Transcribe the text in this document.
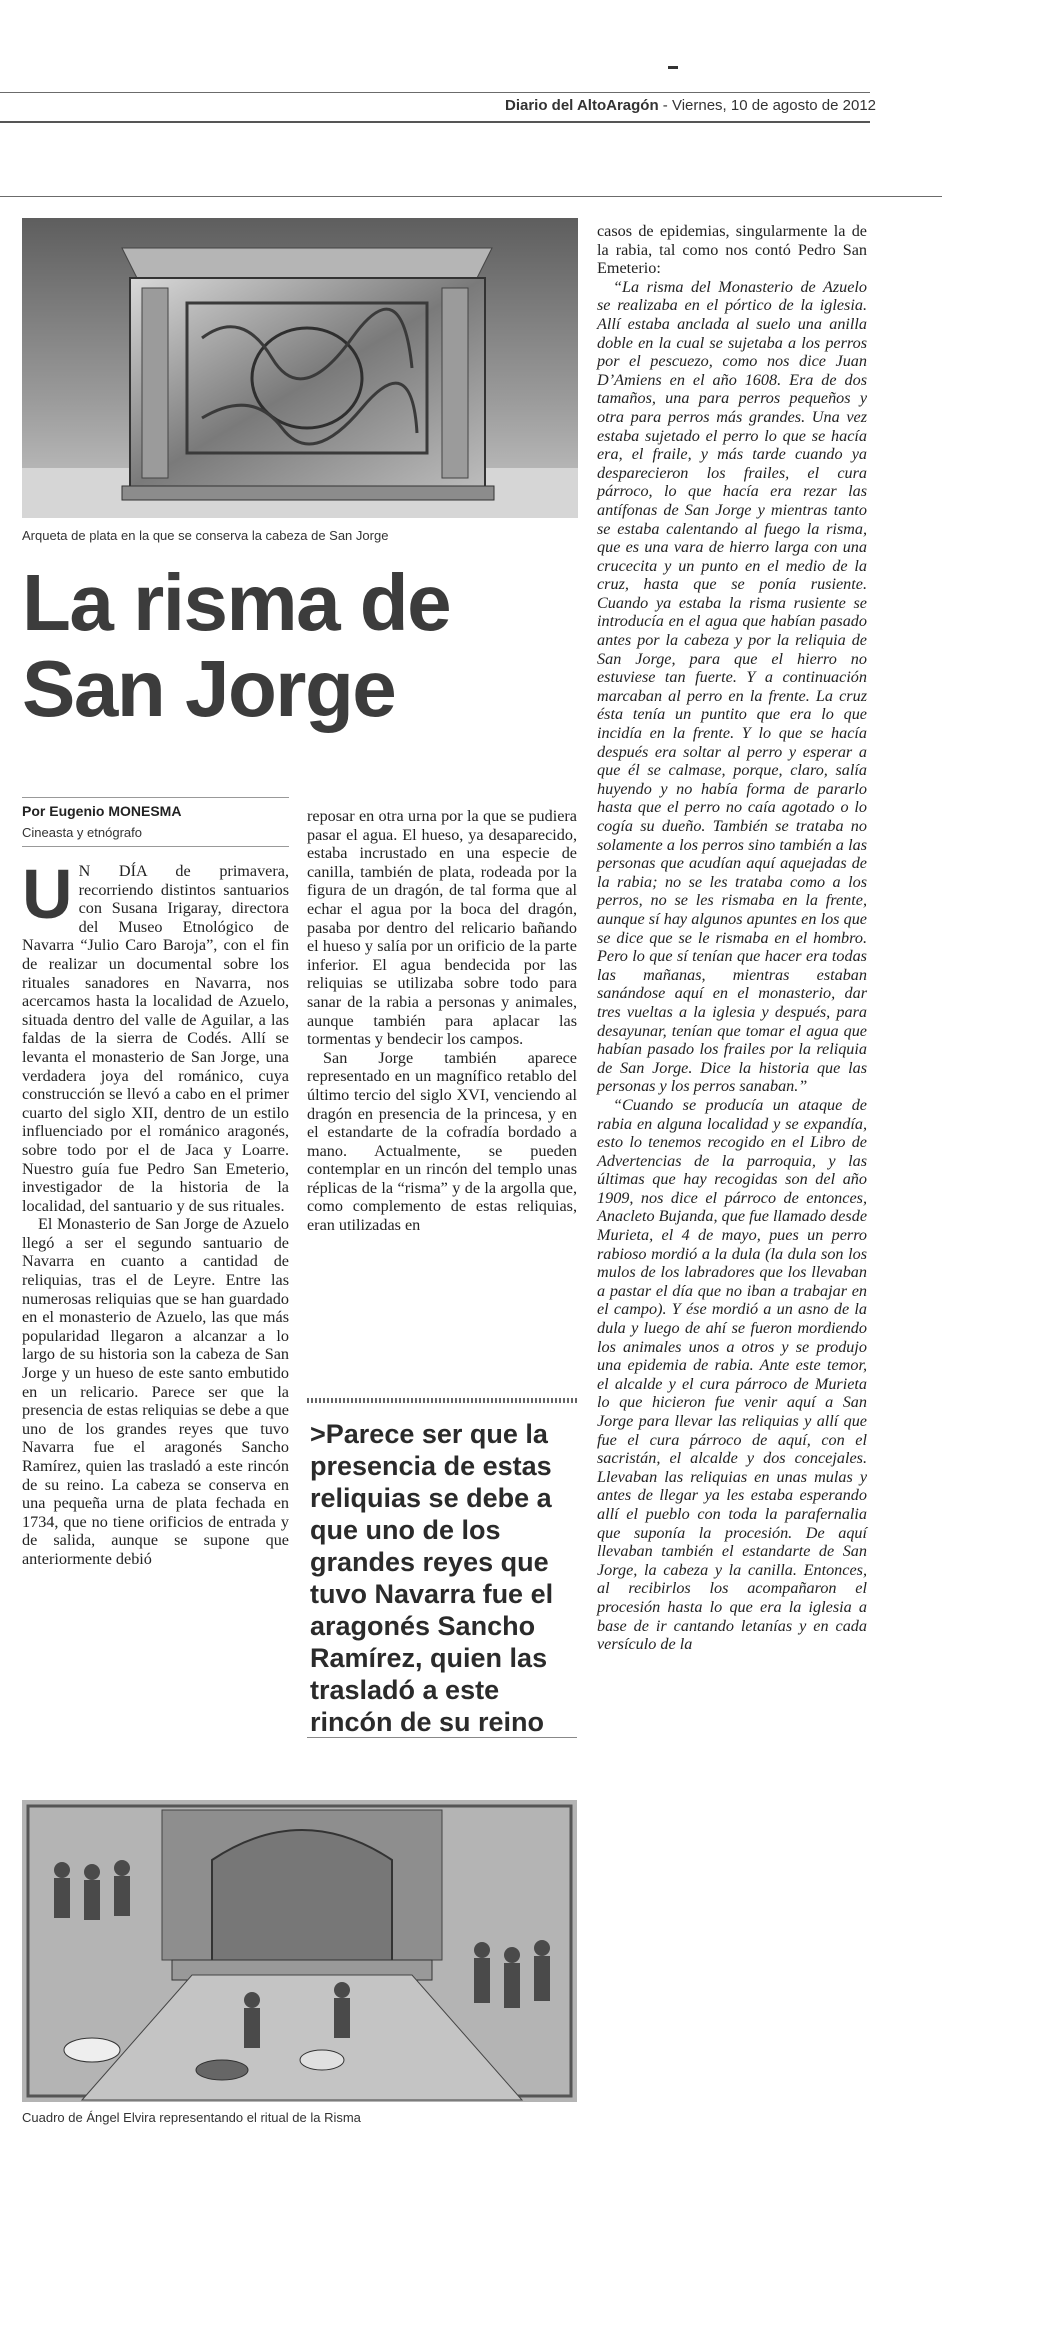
Diario del AltoAragón - Viernes, 10 de agosto de 2012
Arqueta de plata en la que se conserva la cabeza de San Jorge
La risma de
San Jorge
Por Eugenio MONESMA
Cineasta y etnógrafo

U N DÍA de primavera, recorriendo distintos santuarios con Susana Irigaray, directora del Museo Etnológico de Navarra “Julio Caro Baroja”, con el fin de realizar un documental sobre los rituales sanadores en Navarra, nos acercamos hasta la localidad de Azuelo, situada dentro del valle de Aguilar, a las faldas de la sierra de Codés. Allí se levanta el monasterio de San Jorge, una verdadera joya del románico, cuya construcción se llevó a cabo en el primer cuarto del siglo XII, dentro de un estilo influenciado por el románico aragonés, sobre todo por el de Jaca y Loarre. Nuestro guía fue Pedro San Emeterio, investigador de la historia de la localidad, del santuario y de sus rituales.

El Monasterio de San Jorge de Azuelo llegó a ser el segundo santuario de Navarra en cuanto a cantidad de reliquias, tras el de Leyre. Entre las numerosas reliquias que se han guardado en el monasterio de Azuelo, las que más popularidad llegaron a alcanzar a lo largo de su historia son la cabeza de San Jorge y un hueso de este santo embutido en un relicario. Parece ser que la presencia de estas reliquias se debe a que uno de los grandes reyes que tuvo Navarra fue el aragonés Sancho Ramírez, quien las trasladó a este rincón de su reino. La cabeza se conserva en una pequeña urna de plata fechada en 1734, que no tiene orificios de entrada y de salida, aunque se supone que anteriormente debió

reposar en otra urna por la que se pudiera pasar el agua. El hueso, ya desaparecido, estaba incrustado en una especie de canilla, también de plata, rodeada por la figura de un dragón, de tal forma que al echar el agua por la boca del dragón, pasaba por dentro del relicario bañando el hueso y salía por un orificio de la parte inferior. El agua bendecida por las reliquias se utilizaba sobre todo para sanar de la rabia a personas y animales, aunque también para aplacar las tormentas y bendecir los campos.

San Jorge también aparece representado en un magnífico retablo del último tercio del siglo XVI, venciendo al dragón en presencia de la princesa, y en el estandarte de la cofradía bordado a mano. Actualmente, se pueden contemplar en un rincón del templo unas réplicas de la “risma” y de la argolla que, como complemento de estas reliquias, eran utilizadas en

>Parece ser que la presencia de estas reliquias se debe a que uno de los grandes reyes que tuvo Navarra fue el aragonés Sancho Ramírez, quien las trasladó a este rincón de su reino

casos de epidemias, singularmente la de la rabia, tal como nos contó Pedro San Emeterio:

“La risma del Monasterio de Azuelo se realizaba en el pórtico de la iglesia. Allí estaba anclada al suelo una anilla doble en la cual se sujetaba a los perros por el pescuezo, como nos dice Juan D’Amiens en el año 1608. Era de dos tamaños, una para perros pequeños y otra para perros más grandes. Una vez estaba sujetado el perro lo que se hacía era, el fraile, y más tarde cuando ya desparecieron los frailes, el cura párroco, lo que hacía era rezar las antífonas de San Jorge y mientras tanto se estaba calentando al fuego la risma, que es una vara de hierro larga con una crucecita y un punto en el medio de la cruz, hasta que se ponía rusiente. Cuando ya estaba la risma rusiente se introducía en el agua que habían pasado antes por la cabeza y por la reliquia de San Jorge, para que el hierro no estuviese tan fuerte. Y a continuación marcaban al perro en la frente. La cruz ésta tenía un puntito que era lo que incidía en la frente. Y lo que se hacía después era soltar al perro y esperar a que él se calmase, porque, claro, salía huyendo y no había forma de pararlo hasta que el perro no caía agotado o lo cogía su dueño. También se trataba no solamente a los perros sino también a las personas que acudían aquí aquejadas de la rabia; no se les trataba como a los perros, no se les rismaba en la frente, aunque sí hay algunos apuntes en los que se dice que se le rismaba en el hombro. Pero lo que sí tenían que hacer era todas las mañanas, mientras estaban sanándose aquí en el monasterio, dar tres vueltas a la iglesia y después, para desayunar, tenían que tomar el agua que habían pasado los frailes por la reliquia de San Jorge. Dice la historia que las personas y los perros sanaban.”

“Cuando se producía un ataque de rabia en alguna localidad y se expandía, esto lo tenemos recogido en el Libro de Advertencias de la parroquia, y las últimas que hay recogidas son del año 1909, nos dice el párroco de entonces, Anacleto Bujanda, que fue llamado desde Murieta, el 4 de mayo, pues un perro rabioso mordió a la dula (la dula son los mulos de los labradores que los llevaban a pastar el día que no iban a trabajar en el campo). Y ése mordió a un asno de la dula y luego de ahí se fueron mordiendo los animales unos a otros y se produjo una epidemia de rabia. Ante este temor, el alcalde y el cura párroco de Murieta lo que hicieron fue venir aquí a San Jorge para llevar las reliquias y allí que fue el cura párroco de aquí, con el sacristán, el alcalde y dos concejales. Llevaban las reliquias en unas mulas y antes de llegar ya les estaba esperando allí el pueblo con toda la parafernalia que suponía la procesión. De aquí llevaban también el estandarte de San Jorge, la cabeza y la canilla. Entonces, al recibirlos los acompañaron el procesión hasta lo que era la iglesia a base de ir cantando letanías y en cada versículo de la

Cuadro de Ángel Elvira representando el ritual de la Risma
